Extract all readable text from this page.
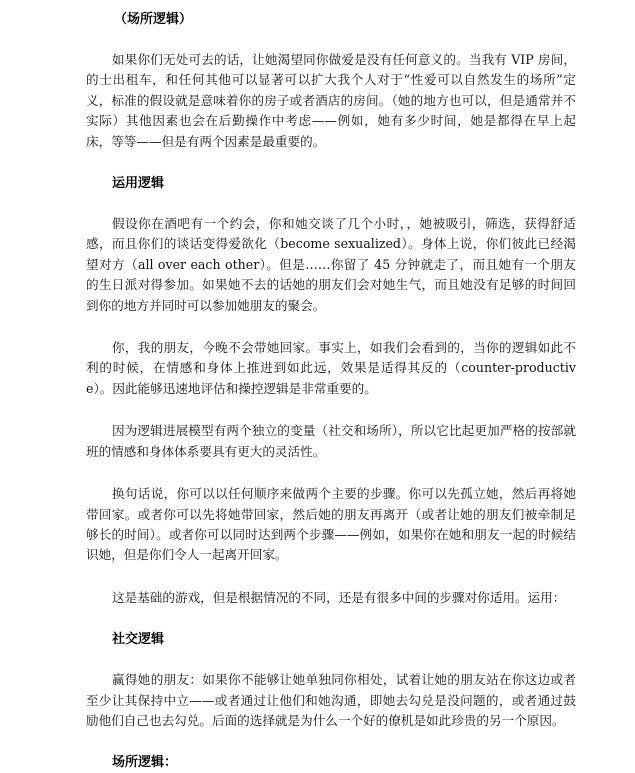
（场所逻辑）

如果你们无处可去的话，让她渴望同你做爱是没有任何意义的。当我有 VIP 房间，的士出租车，和任何其他可以显著可以扩大我个人对于“性爱可以自然发生的场所”定义，标准的假设就是意味着你的房子或者酒店的房间。（她的地方也可以，但是通常并不实际）其他因素也会在后勤操作中考虑——例如，她有多少时间，她是都得在早上起床，等等——但是有两个因素是最重要的。

运用逻辑

假设你在酒吧有一个约会，你和她交谈了几个小时，，她被吸引，筛选，获得舒适感，而且你们的谈话变得爱欲化（become sexualized）。身体上说，你们彼此已经渴望对方（all over each other）。但是……你留了 45 分钟就走了，而且她有一个朋友的生日派对得参加。如果她不去的话她的朋友们会对她生气，而且她没有足够的时间回到你的地方并同时可以参加她朋友的聚会。

你，我的朋友，今晚不会带她回家。事实上，如我们会看到的，当你的逻辑如此不利的时候，在情感和身体上推进到如此远，效果是适得其反的（counter-productive）。因此能够迅速地评估和操控逻辑是非常重要的。

因为逻辑进展模型有两个独立的变量（社交和场所），所以它比起更加严格的按部就班的情感和身体体系要具有更大的灵活性。

换句话说，你可以以任何顺序来做两个主要的步骤。你可以先孤立她，然后再将她带回家。或者你可以先将她带回家，然后她的朋友再离开（或者让她的朋友们被牵制足够长的时间）。或者你可以同时达到两个步骤——例如，如果你在她和朋友一起的时候结识她，但是你们令人一起离开回家。

这是基础的游戏，但是根据情况的不同，还是有很多中间的步骤对你适用。运用：

社交逻辑

赢得她的朋友：如果你不能够让她单独同你相处，试着让她的朋友站在你这边或者至少让其保持中立——或者通过让他们和她沟通，即她去勾兑是没问题的，或者通过鼓励他们自己也去勾兑。后面的选择就是为什么一个好的僚机是如此珍贵的另一个原因。

场所逻辑：
